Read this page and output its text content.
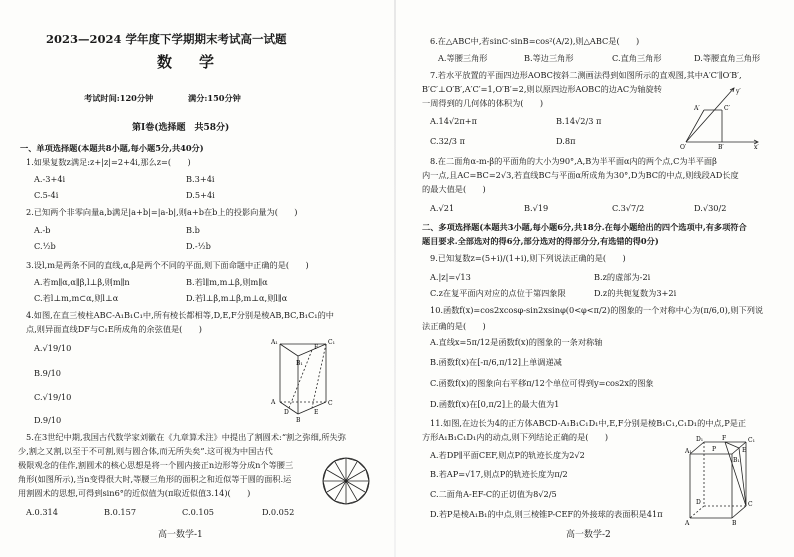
2023—2024 学年度下学期期末考试高一试题
数　学
考试时间:120分钟	满分:150分钟
第Ⅰ卷(选择题　共58分)
一、单项选择题(本题共8小题,每小题5分,共40分)
1.如果复数z满足:z+|z|=2+4i,那么z=(　　)
A.-3+4i	B.3+4i
C.5-4i	D.5+4i
2.已知两个非零向量a,b满足|a+b|=|a-b|,则a+b在b上的投影向量为(　　)
A.-b	B.b
C.½b	D.-½b
3.设l,m是两条不同的直线,α,β是两个不同的平面,则下面命题中正确的是(　　)
A.若m∥α,α∥β,l⊥β,则m∥n	B.若l∥m,m⊥β,则m∥α
C.若l⊥m,m⊂α,则l⊥α	D.若l⊥β,m⊥β,m⊥α,则l∥α
4.如图,在直三棱柱ABC-A₁B₁C₁中,所有棱长都相等,D,E,F分别是棱AB,BC,B₁C₁的中
点,则异面直线DF与C₁E所成角的余弦值是(　　)
A.√19/10
B.9/10
C.√19/10
D.9/10
A₁
B₁
C₁
F
A
B
C
D	E
5.在3世纪中期,我国古代数学家刘徽在《九章算术注》中提出了割圆术:“割之弥细,所失弥
少,割之又割,以至于不可割,则与圆合体,而无所失矣”.这可视为中国古代
极限观念的佳作,割圆术的核心思想是将一个圆内接正n边形等分成n个等腰三
角形(如图所示),当n变得很大时,等腰三角形的面积之和近似等于圆的面积.运
用割圆术的思想,可得到sin6°的近似值为(π取近似值3.14)(　　)
A.0.314	B.0.157	C.0.105	D.0.052
高一数学-1
6.在△ABC中,若sinC·sinB=cos²(A/2),则△ABC是(　　)
A.等腰三角形	B.等边三角形	C.直角三角形	D.等腰直角三角形
7.若水平放置的平面四边形AOBC按斜二测画法得到如图所示的直观图,其中A′C′∥O′B′,
B′C′⊥O′B′,A′C′=1,O′B′=2,则以原四边形AOBC的边AC为轴旋转
一周得到的几何体的体积为(　　)
A.14√2π+π	B.14√2/3 π
C.32/3 π	D.8π
y′
A′	C′
O′	B′	x′
8.在二面角α-m-β的平面角的大小为90°,A,B为半平面α内的两个点,C为半平面β
内一点,且AC=BC=2√3,若直线BC与平面α所成角为30°,D为BC的中点,则线段AD长度
的最大值是(　　)
A.√21	B.√19	C.3√7/2	D.√30/2
二、多项选择题(本题共3小题,每小题6分,共18分.在每小题给出的四个选项中,有多项符合
题目要求.全部选对的得6分,部分选对的得部分分,有选错的得0分)
9.已知复数z=(5+i)/(1+i),则下列说法正确的是(　　)
A.|z|=√13	B.z的虚部为-2i
C.z在复平面内对应的点位于第四象限	D.z的共轭复数为3+2i
10.函数f(x)=cos2xcosφ-sin2xsinφ(0<φ<π/2)的图象的一个对称中心为(π/6,0),则下列说
法正确的是(　　)
A.直线x=5π/12是函数f(x)的图象的一条对称轴
B.函数f(x)在[-π/6,π/12]上单调递减
C.函数f(x)的图象向右平移π/12个单位可得到y=cos2x的图象
D.函数f(x)在[0,π/2]上的最大值为1
11.如图,在边长为4的正方体ABCD-A₁B₁C₁D₁中,E,F分别是棱B₁C₁,C₁D₁的中点,P是正
方形A₁B₁C₁D₁内的动点,则下列结论正确的是(　　)
A.若DP∥平面CEF,则点P的轨迹长度为2√2
B.若AP=√17,则点P的轨迹长度为π/2
C.二面角A-EF-C的正切值为8√2/5
D.若P是棱A₁B₁的中点,则三棱锥P-CEF的外接球的表面积是41π
D₁	F	C₁
A₁	E
B₁
P
D	C
A	B
高一数学-2
